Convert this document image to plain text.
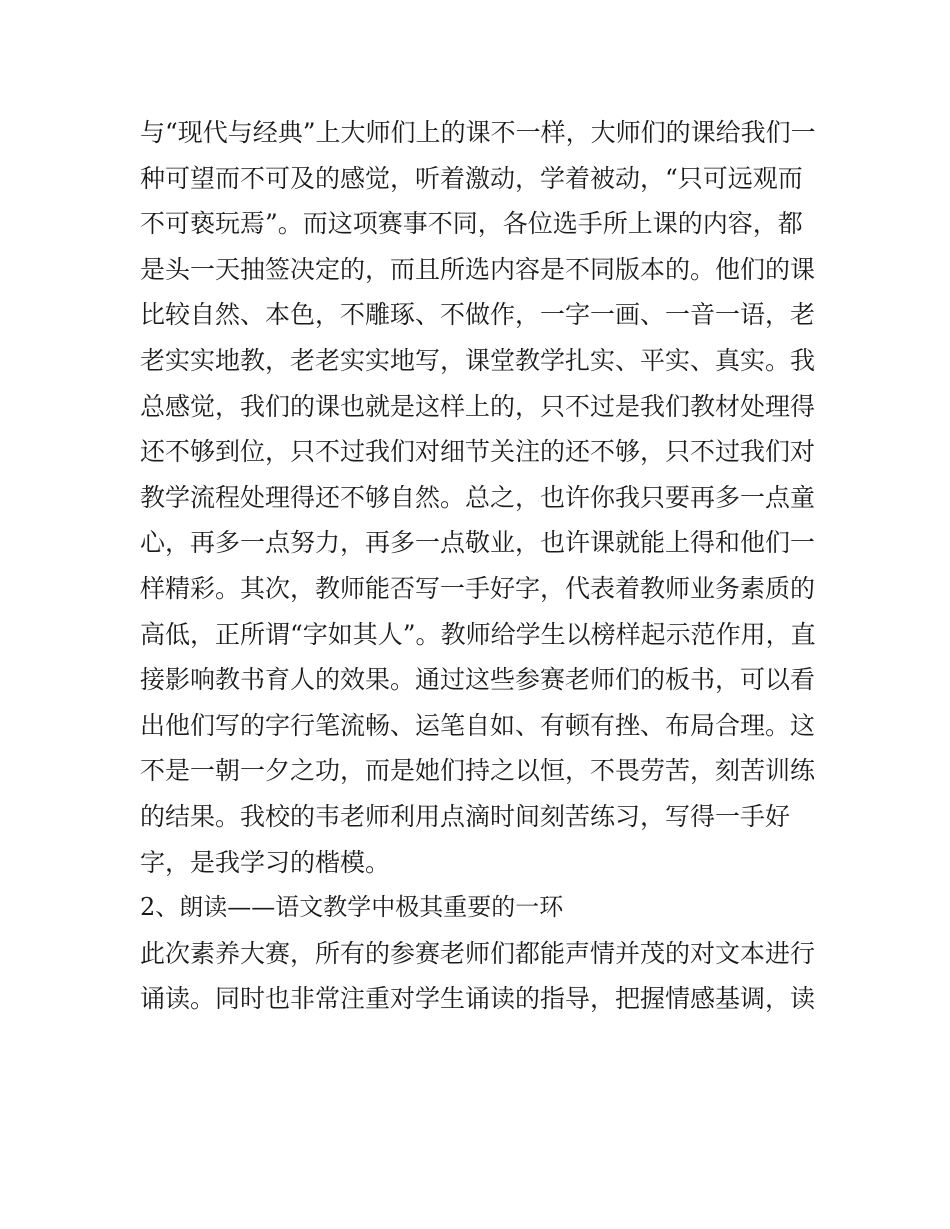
与“现代与经典”上大师们上的课不一样，大师们的课给我们一
种可望而不可及的感觉，听着激动，学着被动，“只可远观而
不可亵玩焉”。而这项赛事不同，各位选手所上课的内容，都
是头一天抽签决定的，而且所选内容是不同版本的。他们的课
比较自然、本色，不雕琢、不做作，一字一画、一音一语，老
老实实地教，老老实实地写，课堂教学扎实、平实、真实。我
总感觉，我们的课也就是这样上的，只不过是我们教材处理得
还不够到位，只不过我们对细节关注的还不够，只不过我们对
教学流程处理得还不够自然。总之，也许你我只要再多一点童
心，再多一点努力，再多一点敬业，也许课就能上得和他们一
样精彩。其次，教师能否写一手好字，代表着教师业务素质的
高低，正所谓“字如其人”。教师给学生以榜样起示范作用，直
接影响教书育人的效果。通过这些参赛老师们的板书，可以看
出他们写的字行笔流畅、运笔自如、有顿有挫、布局合理。这
不是一朝一夕之功，而是她们持之以恒，不畏劳苦，刻苦训练
的结果。我校的韦老师利用点滴时间刻苦练习，写得一手好
字，是我学习的楷模。
2、朗读——语文教学中极其重要的一环
此次素养大赛，所有的参赛老师们都能声情并茂的对文本进行
诵读。同时也非常注重对学生诵读的指导，把握情感基调，读
